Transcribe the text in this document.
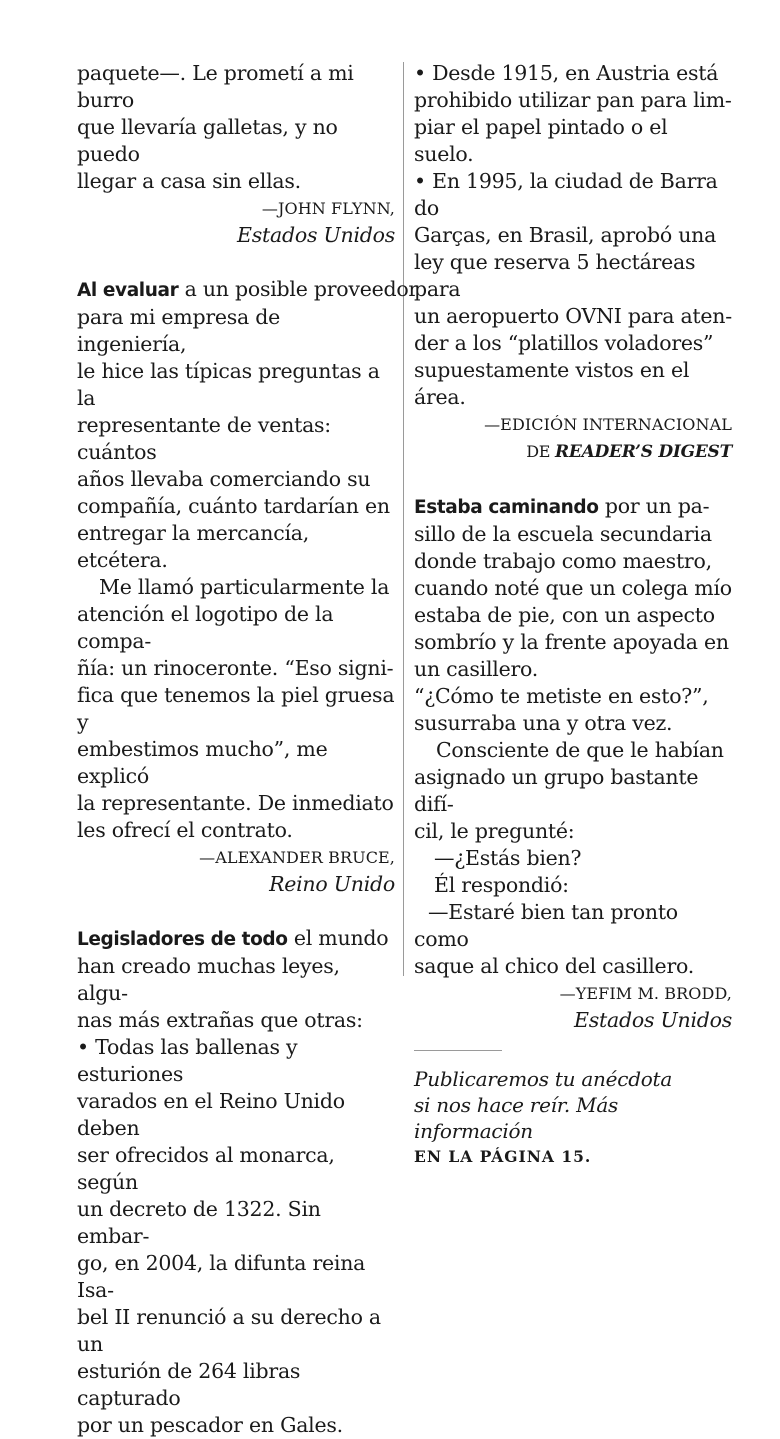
paquete—. Le prometí a mi burro

que llevaría galletas, y no puedo

llegar a casa sin ellas.

—JOHN FLYNN,

Estados Unidos

Al evaluar a un posible proveedor

para mi empresa de ingeniería,

le hice las típicas preguntas a la

representante de ventas: cuántos

años llevaba comerciando su

compañía, cuánto tardarían en

entregar la mercancía, etcétera.

Me llamó particularmente la

atención el logotipo de la compa-

ñía: un rinoceronte. “Eso signi-

fica que tenemos la piel gruesa y

embestimos mucho”, me explicó

la representante. De inmediato

les ofrecí el contrato.

—ALEXANDER BRUCE,

Reino Unido

Legisladores de todo el mundo

han creado muchas leyes, algu-

nas más extrañas que otras:

• Todas las ballenas y esturiones

varados en el Reino Unido deben

ser ofrecidos al monarca, según

un decreto de 1322. Sin embar-

go, en 2004, la difunta reina Isa-

bel II renunció a su derecho a un

esturión de 264 libras capturado

por un pescador en Gales.

• Desde 1915, en Austria está

prohibido utilizar pan para lim-

piar el papel pintado o el suelo.

• En 1995, la ciudad de Barra do

Garças, en Brasil, aprobó una

ley que reserva 5 hectáreas para

un aeropuerto OVNI para aten-

der a los “platillos voladores”

supuestamente vistos en el área.

—EDICIÓN INTERNACIONAL

DE READER’S DIGEST

Estaba caminando por un pa-

sillo de la escuela secundaria

donde trabajo como maestro,

cuando noté que un colega mío

estaba de pie, con un aspecto

sombrío y la frente apoyada en

un casillero.

“¿Cómo te metiste en esto?”,

susurraba una y otra vez.

Consciente de que le habían

asignado un grupo bastante difí-

cil, le pregunté:

—¿Estás bien?

Él respondió:

—Estaré bien tan pronto como

saque al chico del casillero.

—YEFIM M. BRODD,

Estados Unidos

Publicaremos tu anécdota

si nos hace reír. Más información

EN LA PÁGINA 15.
